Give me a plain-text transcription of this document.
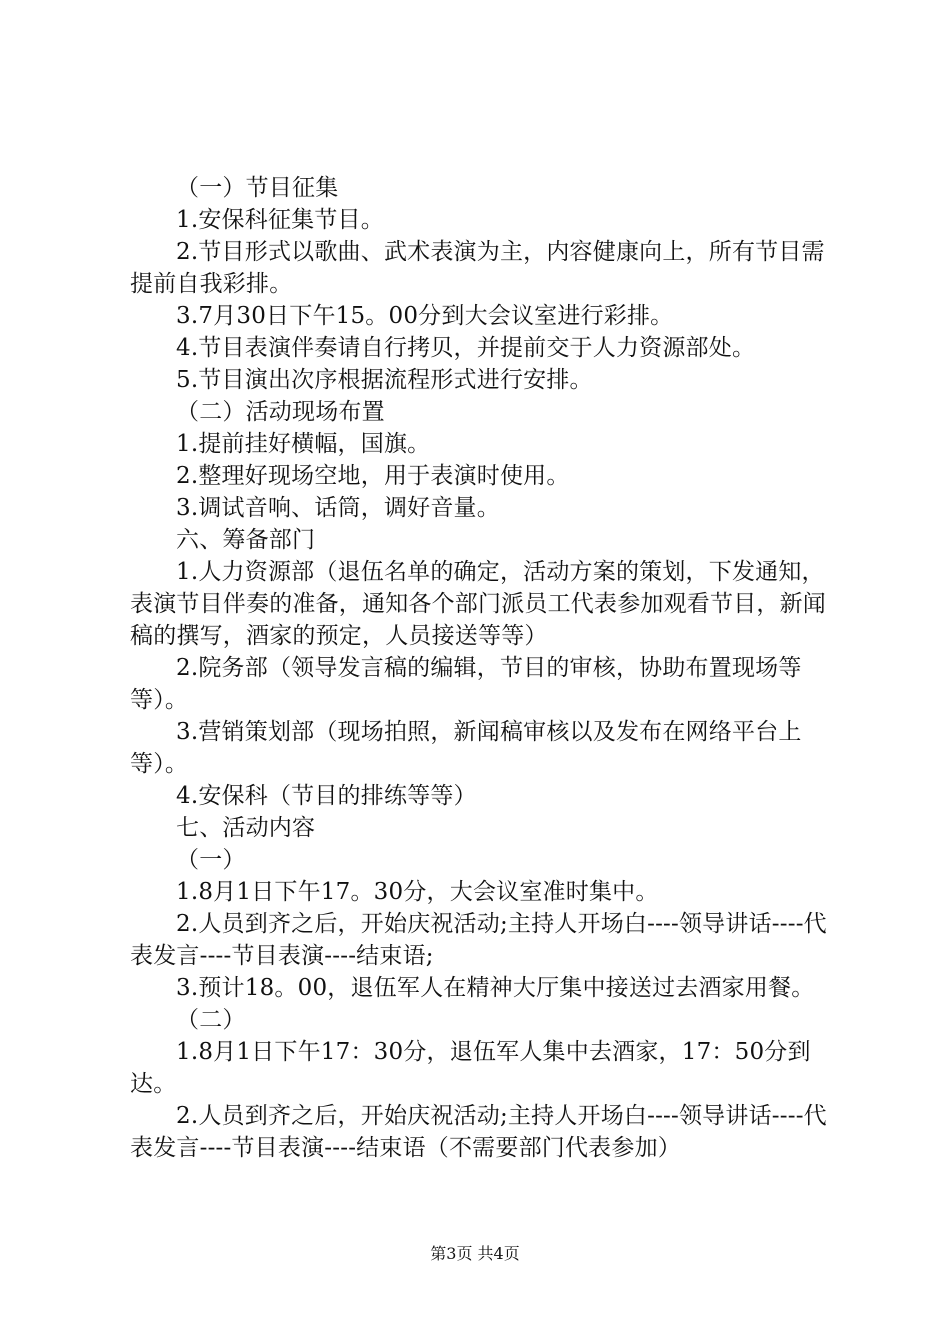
（一）节目征集

1.安保科征集节目。

2.节目形式以歌曲、武术表演为主，内容健康向上，所有节目需提前自我彩排。

3.7月30日下午15。00分到大会议室进行彩排。

4.节目表演伴奏请自行拷贝，并提前交于人力资源部处。

5.节目演出次序根据流程形式进行安排。

（二）活动现场布置

1.提前挂好横幅，国旗。

2.整理好现场空地，用于表演时使用。

3.调试音响、话筒，调好音量。

六、筹备部门

1.人力资源部（退伍名单的确定，活动方案的策划，下发通知，表演节目伴奏的准备，通知各个部门派员工代表参加观看节目，新闻稿的撰写，酒家的预定，人员接送等等）

2.院务部（领导发言稿的编辑，节目的审核，协助布置现场等等）。

3.营销策划部（现场拍照，新闻稿审核以及发布在网络平台上等）。

4.安保科（节目的排练等等）

七、活动内容

（一）

1.8月1日下午17。30分，大会议室准时集中。

2.人员到齐之后，开始庆祝活动;主持人开场白----领导讲话----代表发言----节目表演----结束语;

3.预计18。00，退伍军人在精神大厅集中接送过去酒家用餐。

（二）

1.8月1日下午17：30分，退伍军人集中去酒家，17：50分到达。

2.人员到齐之后，开始庆祝活动;主持人开场白----领导讲话----代表发言----节目表演----结束语（不需要部门代表参加）

第3页 共4页
